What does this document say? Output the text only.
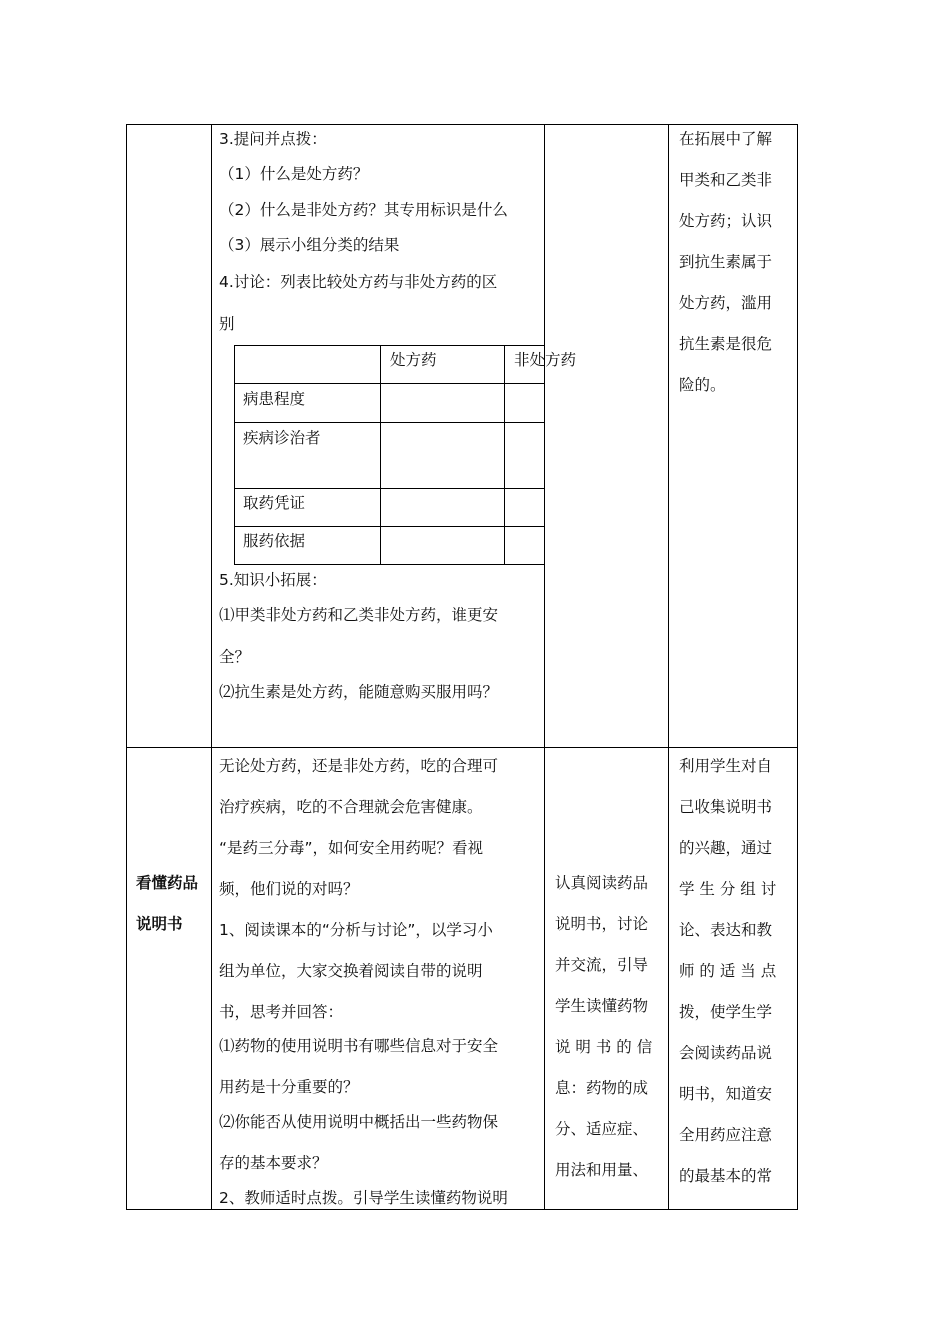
3.提问并点拨：
（1）什么是处方药？
（2）什么是非处方药？其专用标识是什么
（3）展示小组分类的结果
4.讨论：列表比较处方药与非处方药的区
别
处方药	非处方药
病患程度
疾病诊治者
取药凭证
服药依据
5.知识小拓展：
⑴甲类非处方药和乙类非处方药，谁更安
全？
⑵抗生素是处方药，能随意购买服用吗？
在拓展中了解
甲类和乙类非
处方药；认识
到抗生素属于
处方药，滥用
抗生素是很危
险的。
看懂药品
说明书
无论处方药，还是非处方药，吃的合理可
治疗疾病，吃的不合理就会危害健康。
“是药三分毒”，如何安全用药呢？看视
频，他们说的对吗？
1、阅读课本的“分析与讨论”，以学习小
组为单位，大家交换着阅读自带的说明
书，思考并回答：
⑴药物的使用说明书有哪些信息对于安全
用药是十分重要的？
⑵你能否从使用说明中概括出一些药物保
存的基本要求？
2、教师适时点拨。引导学生读懂药物说明
认真阅读药品
说明书，讨论
并交流，引导
学生读懂药物
说 明 书 的 信
息：药物的成
分、适应症、
用法和用量、
利用学生对自
己收集说明书
的兴趣，通过
学 生 分 组 讨
论、表达和教
师 的 适 当 点
拨，使学生学
会阅读药品说
明书，知道安
全用药应注意
的最基本的常
